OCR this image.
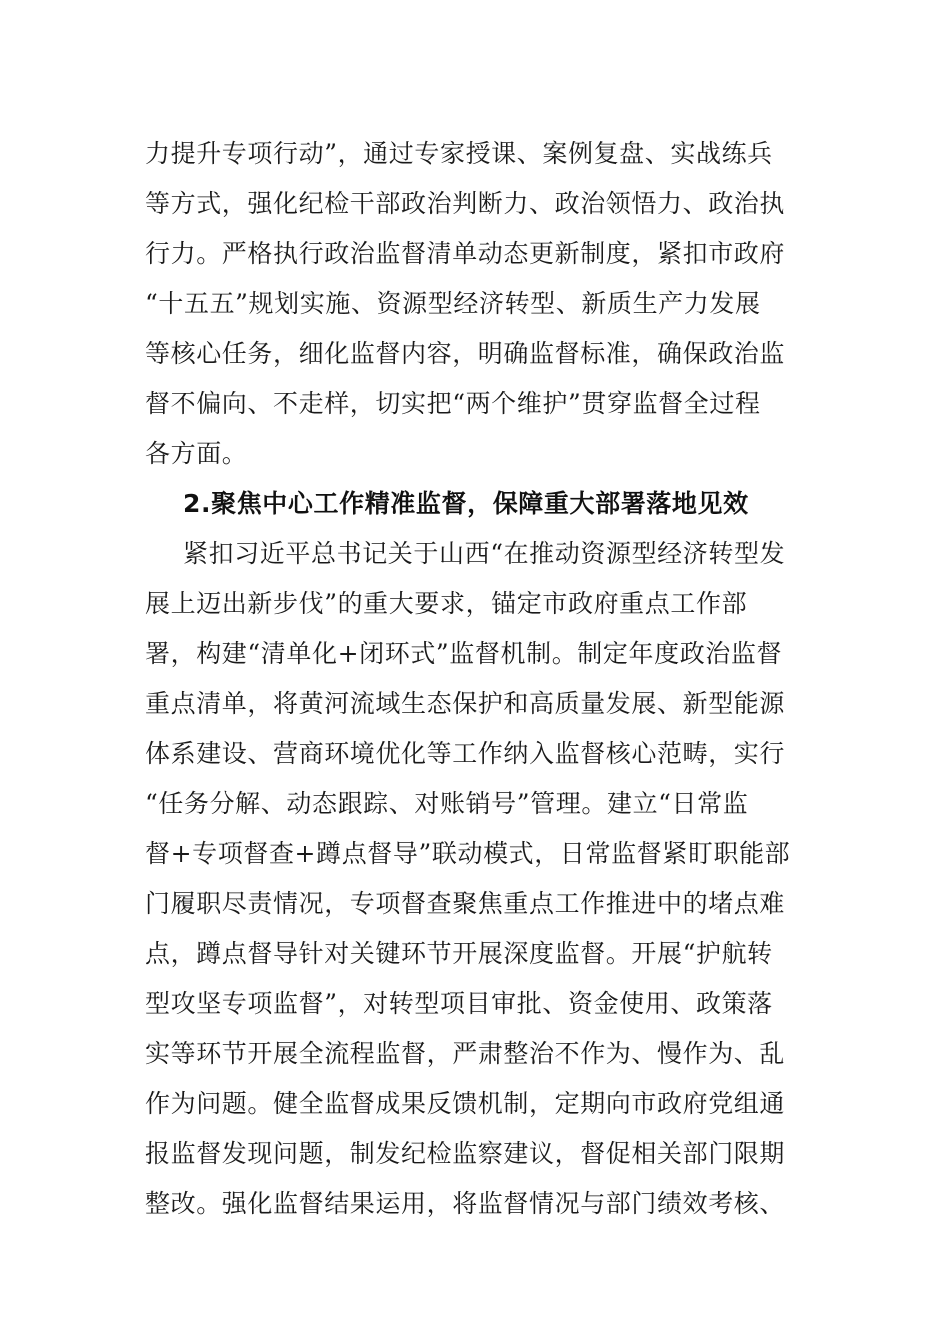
力提升专项行动”，通过专家授课、案例复盘、实战练兵
等方式，强化纪检干部政治判断力、政治领悟力、政治执
行力。严格执行政治监督清单动态更新制度，紧扣市政府
“十五五”规划实施、资源型经济转型、新质生产力发展
等核心任务，细化监督内容，明确监督标准，确保政治监
督不偏向、不走样，切实把“两个维护”贯穿监督全过程
各方面。
2.聚焦中心工作精准监督，保障重大部署落地见效
紧扣习近平总书记关于山西“在推动资源型经济转型发
展上迈出新步伐”的重大要求，锚定市政府重点工作部
署，构建“清单化+闭环式”监督机制。制定年度政治监督
重点清单，将黄河流域生态保护和高质量发展、新型能源
体系建设、营商环境优化等工作纳入监督核心范畴，实行
“任务分解、动态跟踪、对账销号”管理。建立“日常监
督+专项督查+蹲点督导”联动模式，日常监督紧盯职能部
门履职尽责情况，专项督查聚焦重点工作推进中的堵点难
点，蹲点督导针对关键环节开展深度监督。开展“护航转
型攻坚专项监督”，对转型项目审批、资金使用、政策落
实等环节开展全流程监督，严肃整治不作为、慢作为、乱
作为问题。健全监督成果反馈机制，定期向市政府党组通
报监督发现问题，制发纪检监察建议，督促相关部门限期
整改。强化监督结果运用，将监督情况与部门绩效考核、
